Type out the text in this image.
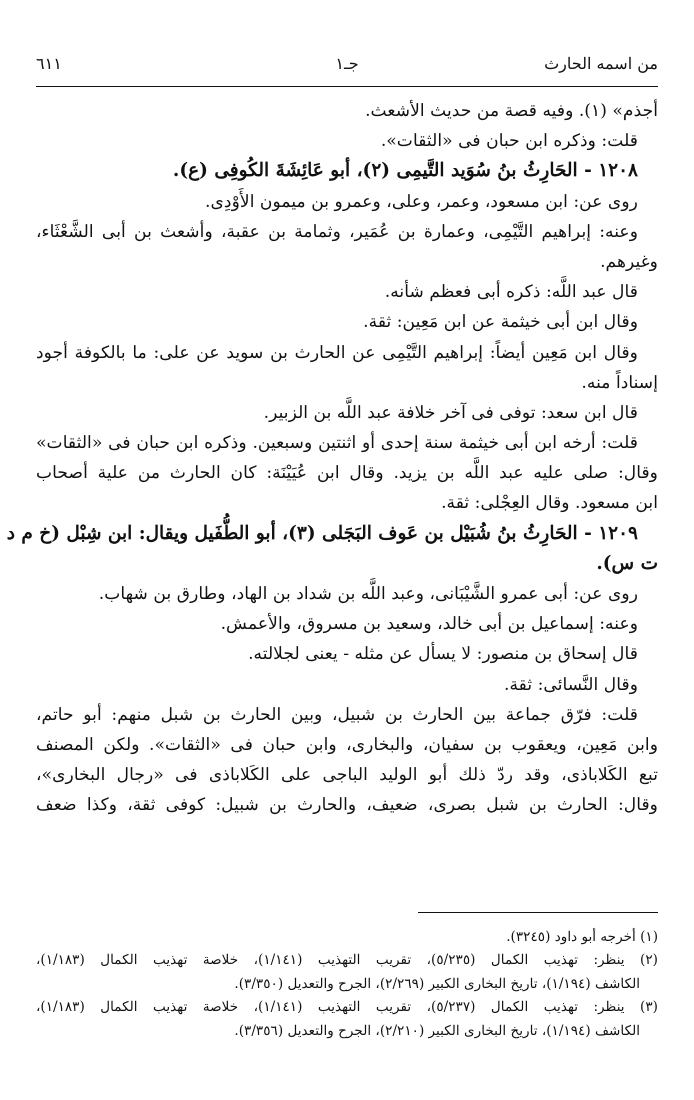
من اسمه الحارث
جـ١
٦١١
أجذم» (١). وفيه قصة من حديث الأشعث.
قلت: وذكره ابن حبان فى «الثقات».
١٢٠٨ - الحَارِثُ بنُ سُوَيد التَّيمِى (٢)، أبو عَائِشَةَ الكُوفِى (ع).
روى عن: ابن مسعود، وعمر، وعلى، وعمرو بن ميمون الأَوْدِى.
وعنه: إبراهيم التَّيْمِى، وعمارة بن عُمَير، وثمامة بن عقبة، وأشعث بن أبى الشَّعْثَاء،
وغيرهم.
قال عبد اللَّه: ذكره أبى فعظم شأنه.
وقال ابن أبى خيثمة عن ابن مَعِين: ثقة.
وقال ابن مَعِين أيضاً: إبراهيم التَّيْمِى عن الحارث بن سويد عن على: ما بالكوفة أجود
إسناداً منه.
قال ابن سعد: توفى فى آخر خلافة عبد اللَّه بن الزبير.
قلت: أرخه ابن أبى خيثمة سنة إحدى أو اثنتين وسبعين. وذكره ابن حبان فى «الثقات»
وقال: صلى عليه عبد اللَّه بن يزيد. وقال ابن عُيَيْنَة: كان الحارث من علية أصحاب
ابن مسعود. وقال العِجْلى: ثقة.
١٢٠٩ - الحَارِثُ بنُ شُبَيْل بن عَوف البَجَلى (٣)، أبو الطُّفَيل ويقال: ابن شِبْل (خ م د
ت س).
روى عن: أبى عمرو الشَّيْبَانى، وعبد اللَّه بن شداد بن الهاد، وطارق بن شهاب.
وعنه: إسماعيل بن أبى خالد، وسعيد بن مسروق، والأعمش.
قال إسحاق بن منصور: لا يسأل عن مثله - يعنى لجلالته.
وقال النَّسائى: ثقة.
قلت: فرّق جماعة بين الحارث بن شبيل، وبين الحارث بن شبل منهم: أبو حاتم،
وابن مَعِين، ويعقوب بن سفيان، والبخارى، وابن حبان فى «الثقات». ولكن المصنف
تبع الكَلاباذى، وقد ردّ ذلك أبو الوليد الباجى على الكَلاباذى فى «رجال البخارى»،
وقال: الحارث بن شبل بصرى، ضعيف، والحارث بن شبيل: كوفى ثقة، وكذا ضعف
(١) أخرجه أبو داود (٣٢٤٥).
(٢) ينظر: تهذيب الكمال (٥/٢٣٥)، تقريب التهذيب (١/١٤١)، خلاصة تهذيب الكمال (١/١٨٣)،
الكاشف (١/١٩٤)، تاريخ البخارى الكبير (٢/٢٦٩)، الجرح والتعديل (٣/٣٥٠).
(٣) ينظر: تهذيب الكمال (٥/٢٣٧)، تقريب التهذيب (١/١٤١)، خلاصة تهذيب الكمال (١/١٨٣)،
الكاشف (١/١٩٤)، تاريخ البخارى الكبير (٢/٢١٠)، الجرح والتعديل (٣/٣٥٦).
